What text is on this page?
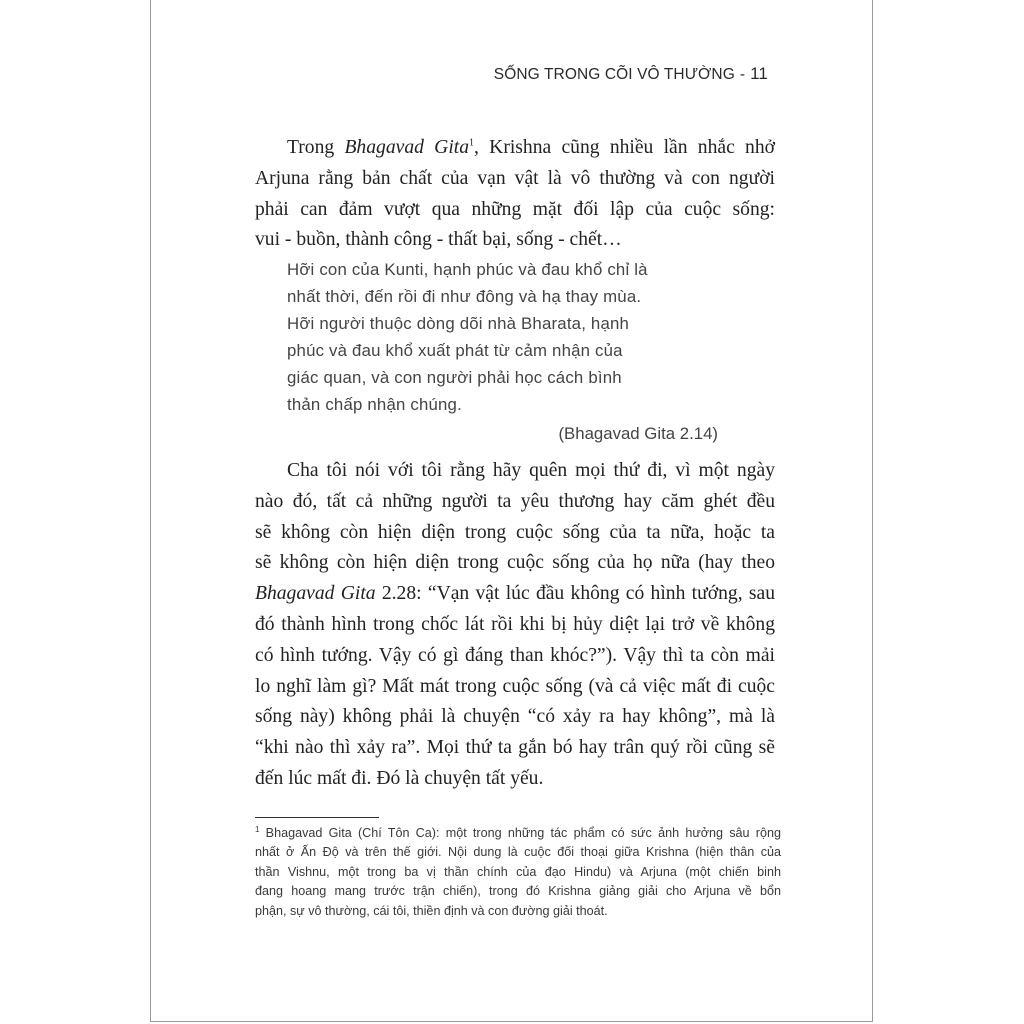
SỐNG TRONG CÕI VÔ THƯỜNG - 11
Trong Bhagavad Gita$^1$, Krishna cũng nhiều lần nhắc nhở
Arjuna rằng bản chất của vạn vật là vô thường và con người
phải can đảm vượt qua những mặt đối lập của cuộc sống:
vui - buồn, thành công - thất bại, sống - chết…
Hỡi con của Kunti, hạnh phúc và đau khổ chỉ là
nhất thời, đến rồi đi như đông và hạ thay mùa.
Hỡi người thuộc dòng dõi nhà Bharata, hạnh
phúc và đau khổ xuất phát từ cảm nhận của
giác quan, và con người phải học cách bình
thản chấp nhận chúng.
(Bhagavad Gita 2.14)
Cha tôi nói với tôi rằng hãy quên mọi thứ đi, vì một ngày
nào đó, tất cả những người ta yêu thương hay căm ghét đều
sẽ không còn hiện diện trong cuộc sống của ta nữa, hoặc ta
sẽ không còn hiện diện trong cuộc sống của họ nữa (hay theo
Bhagavad Gita 2.28: “Vạn vật lúc đầu không có hình tướng, sau
đó thành hình trong chốc lát rồi khi bị hủy diệt lại trở về không
có hình tướng. Vậy có gì đáng than khóc?”). Vậy thì ta còn mải
lo nghĩ làm gì? Mất mát trong cuộc sống (và cả việc mất đi cuộc
sống này) không phải là chuyện “có xảy ra hay không”, mà là
“khi nào thì xảy ra”. Mọi thứ ta gắn bó hay trân quý rồi cũng sẽ
đến lúc mất đi. Đó là chuyện tất yếu.
$^1$ Bhagavad Gita (Chí Tôn Ca): một trong những tác phẩm có sức ảnh hưởng sâu rộng
nhất ở Ấn Độ và trên thế giới. Nội dung là cuộc đối thoại giữa Krishna (hiện thân của
thần Vishnu, một trong ba vị thần chính của đạo Hindu) và Arjuna (một chiến binh
đang hoang mang trước trận chiến), trong đó Krishna giảng giải cho Arjuna về bổn
phận, sự vô thường, cái tôi, thiền định và con đường giải thoát.
